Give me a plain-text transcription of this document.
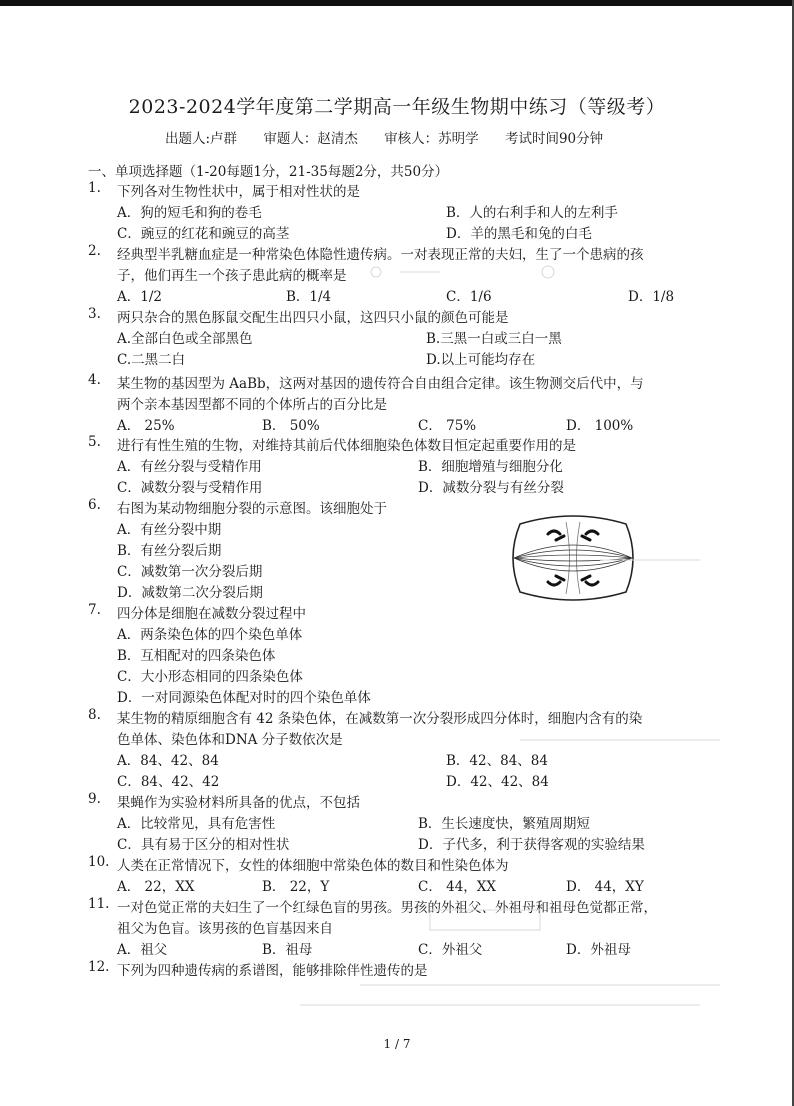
2023-2024学年度第二学期高一年级生物期中练习（等级考）
出题人:卢群 审题人：赵清杰 审核人：苏明学 考试时间90分钟
一、单项选择题（1-20每题1分，21-35每题2分，共50分）
1. 下列各对生物性状中，属于相对性状的是
A．狗的短毛和狗的卷毛	B．人的右利手和人的左利手
C．豌豆的红花和豌豆的高茎	D．羊的黑毛和兔的白毛
2. 经典型半乳糖血症是一种常染色体隐性遗传病。一对表现正常的夫妇，生了一个患病的孩
子，他们再生一个孩子患此病的概率是
A．1/2	B．1/4	C．1/6	D．1/8
3. 两只杂合的黑色豚鼠交配生出四只小鼠，这四只小鼠的颜色可能是
A.全部白色或全部黑色	B.三黑一白或三白一黑
C.二黑二白	D.以上可能均存在
4. 某生物的基因型为 AaBb，这两对基因的遗传符合自由组合定律。该生物测交后代中，与
两个亲本基因型都不同的个体所占的百分比是
A． 25%	B． 50%	C． 75%	D． 100%
5. 进行有性生殖的生物，对维持其前后代体细胞染色体数目恒定起重要作用的是
A．有丝分裂与受精作用	B．细胞增殖与细胞分化
C．减数分裂与受精作用	D．减数分裂与有丝分裂
6. 右图为某动物细胞分裂的示意图。该细胞处于
A．有丝分裂中期
B．有丝分裂后期
C．减数第一次分裂后期
D．减数第二次分裂后期
7. 四分体是细胞在减数分裂过程中
A．两条染色体的四个染色单体
B．互相配对的四条染色体
C．大小形态相同的四条染色体
D．一对同源染色体配对时的四个染色单体
8. 某生物的精原细胞含有 42 条染色体，在减数第一次分裂形成四分体时，细胞内含有的染
色单体、染色体和DNA 分子数依次是
A．84、42、84	B．42、84、84
C．84、42、42	D．42、42、84
9. 果蝇作为实验材料所具备的优点，不包括
A．比较常见，具有危害性	B．生长速度快，繁殖周期短
C．具有易于区分的相对性状	D．子代多，利于获得客观的实验结果
10. 人类在正常情况下，女性的体细胞中常染色体的数目和性染色体为
A． 22，XX	B． 22，Y	C． 44，XX	D． 44，XY
11. 一对色觉正常的夫妇生了一个红绿色盲的男孩。男孩的外祖父、外祖母和祖母色觉都正常，
祖父为色盲。该男孩的色盲基因来自
A．祖父	B．祖母	C．外祖父	D．外祖母
12. 下列为四种遗传病的系谱图，能够排除伴性遗传的是
1 / 7
